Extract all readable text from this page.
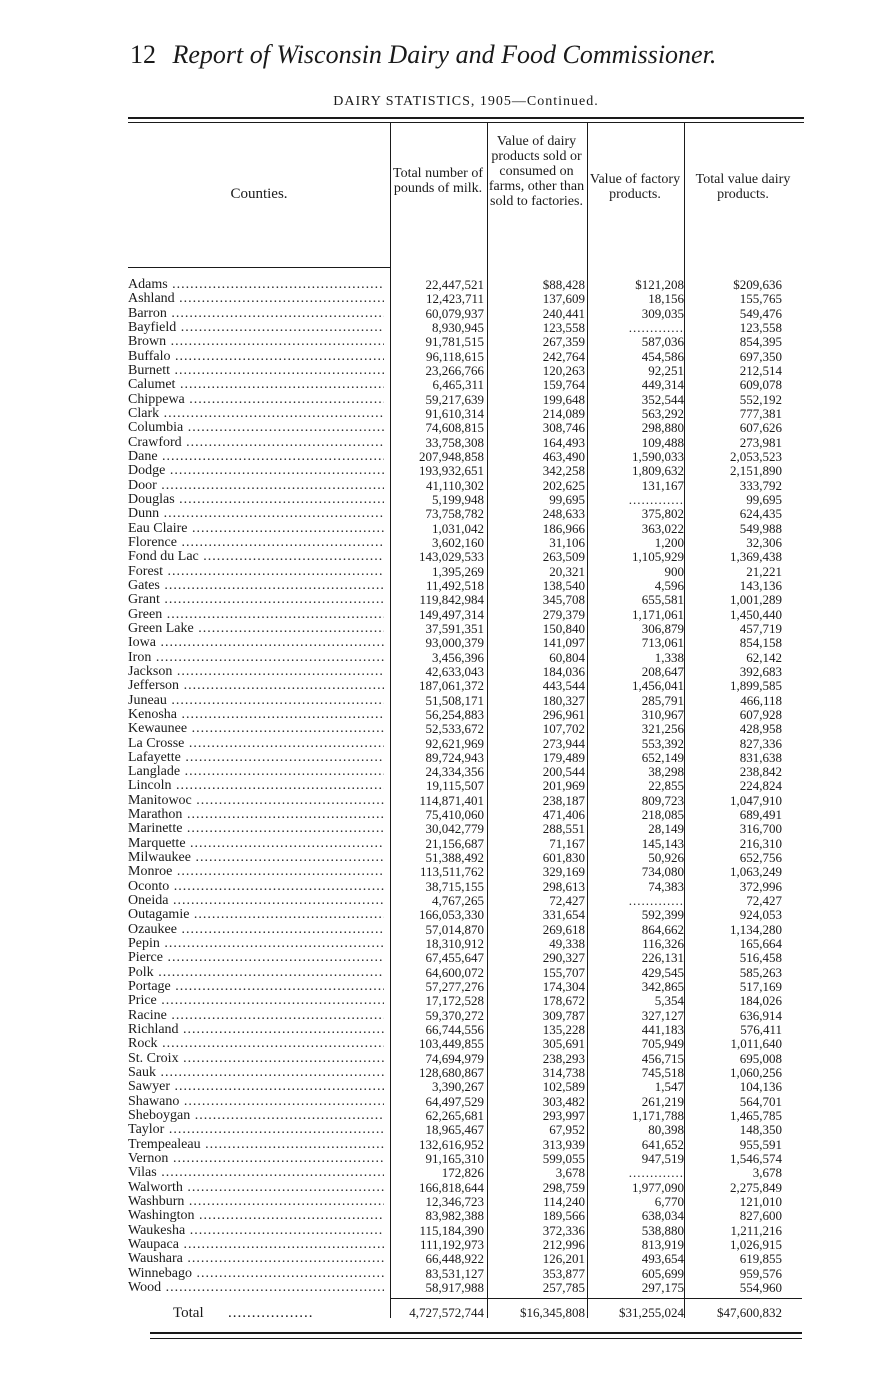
12 Report of Wisconsin Dairy and Food Commissioner.
DAIRY STATISTICS, 1905—Continued.
Counties.
Total number of pounds of milk.
Value of dairy products sold or consumed on farms, other than sold to factories.
Value of factory products.
Total value dairy products.
Adams .....	22,447,521	$88,428	$121,208	$209,636
Ashland .....	12,423,711	137,609	18,156	155,765
Barron .....	60,079,937	240,441	309,035	549,476
Bayfield .....	8,930,945	123,558 .....	123,558
Brown .....	91,781,515	267,359	587,036	854,395
Buffalo .....	96,118,615	242,764	454,586	697,350
Burnett .....	23,266,766	120,263	92,251	212,514
Calumet .....	6,465,311	159,764	449,314	609,078
Chippewa .....	59,217,639	199,648	352,544	552,192
Clark .....	91,610,314	214,089	563,292	777,381
Columbia .....	74,608,815	308,746	298,880	607,626
Crawford .....	33,758,308	164,493	109,488	273,981
Dane .....	207,948,858	463,490	1,590,033	2,053,523
Dodge .....	193,932,651	342,258	1,809,632	2,151,890
Door .....	41,110,302	202,625	131,167	333,792
Douglas .....	5,199,948	99,695 .....	99,695
Dunn .....	73,758,782	248,633	375,802	624,435
Eau Claire .....	1,031,042	186,966	363,022	549,988
Florence .....	3,602,160	31,106	1,200	32,306
Fond du Lac .....	143,029,533	263,509	1,105,929	1,369,438
Forest .....	1,395,269	20,321	900	21,221
Gates .....	11,492,518	138,540	4,596	143,136
Grant .....	119,842,984	345,708	655,581	1,001,289
Green .....	149,497,314	279,379	1,171,061	1,450,440
Green Lake .....	37,591,351	150,840	306,879	457,719
Iowa .....	93,000,379	141,097	713,061	854,158
Iron .....	3,456,396	60,804	1,338	62,142
Jackson .....	42,633,043	184,036	208,647	392,683
Jefferson .....	187,061,372	443,544	1,456,041	1,899,585
Juneau .....	51,508,171	180,327	285,791	466,118
Kenosha .....	56,254,883	296,961	310,967	607,928
Kewaunee .....	52,533,672	107,702	321,256	428,958
La Crosse .....	92,621,969	273,944	553,392	827,336
Lafayette .....	89,724,943	179,489	652,149	831,638
Langlade .....	24,334,356	200,544	38,298	238,842
Lincoln .....	19,115,507	201,969	22,855	224,824
Manitowoc .....	114,871,401	238,187	809,723	1,047,910
Marathon .....	75,410,060	471,406	218,085	689,491
Marinette .....	30,042,779	288,551	28,149	316,700
Marquette .....	21,156,687	71,167	145,143	216,310
Milwaukee .....	51,388,492	601,830	50,926	652,756
Monroe .....	113,511,762	329,169	734,080	1,063,249
Oconto .....	38,715,155	298,613	74,383	372,996
Oneida .....	4,767,265	72,427 .....	72,427
Outagamie .....	166,053,330	331,654	592,399	924,053
Ozaukee .....	57,014,870	269,618	864,662	1,134,280
Pepin .....	18,310,912	49,338	116,326	165,664
Pierce .....	67,455,647	290,327	226,131	516,458
Polk .....	64,600,072	155,707	429,545	585,263
Portage .....	57,277,276	174,304	342,865	517,169
Price .....	17,172,528	178,672	5,354	184,026
Racine .....	59,370,272	309,787	327,127	636,914
Richland .....	66,744,556	135,228	441,183	576,411
Rock .....	103,449,855	305,691	705,949	1,011,640
St. Croix .....	74,694,979	238,293	456,715	695,008
Sauk .....	128,680,867	314,738	745,518	1,060,256
Sawyer .....	3,390,267	102,589	1,547	104,136
Shawano .....	64,497,529	303,482	261,219	564,701
Sheboygan .....	62,265,681	293,997	1,171,788	1,465,785
Taylor .....	18,965,467	67,952	80,398	148,350
Trempealeau .....	132,616,952	313,939	641,652	955,591
Vernon .....	91,165,310	599,055	947,519	1,546,574
Vilas .....	172,826	3,678 .....	3,678
Walworth .....	166,818,644	298,759	1,977,090	2,275,849
Washburn .....	12,346,723	114,240	6,770	121,010
Washington .....	83,982,388	189,566	638,034	827,600
Waukesha .....	115,184,390	372,336	538,880	1,211,216
Waupaca .....	111,192,973	212,996	813,919	1,026,915
Waushara .....	66,448,922	126,201	493,654	619,855
Winnebago .....	83,531,127	353,877	605,699	959,576
Wood .....	58,917,988	257,785	297,175	554,960
Total ..................	4,727,572,744	$16,345,808	$31,255,024	$47,600,832
